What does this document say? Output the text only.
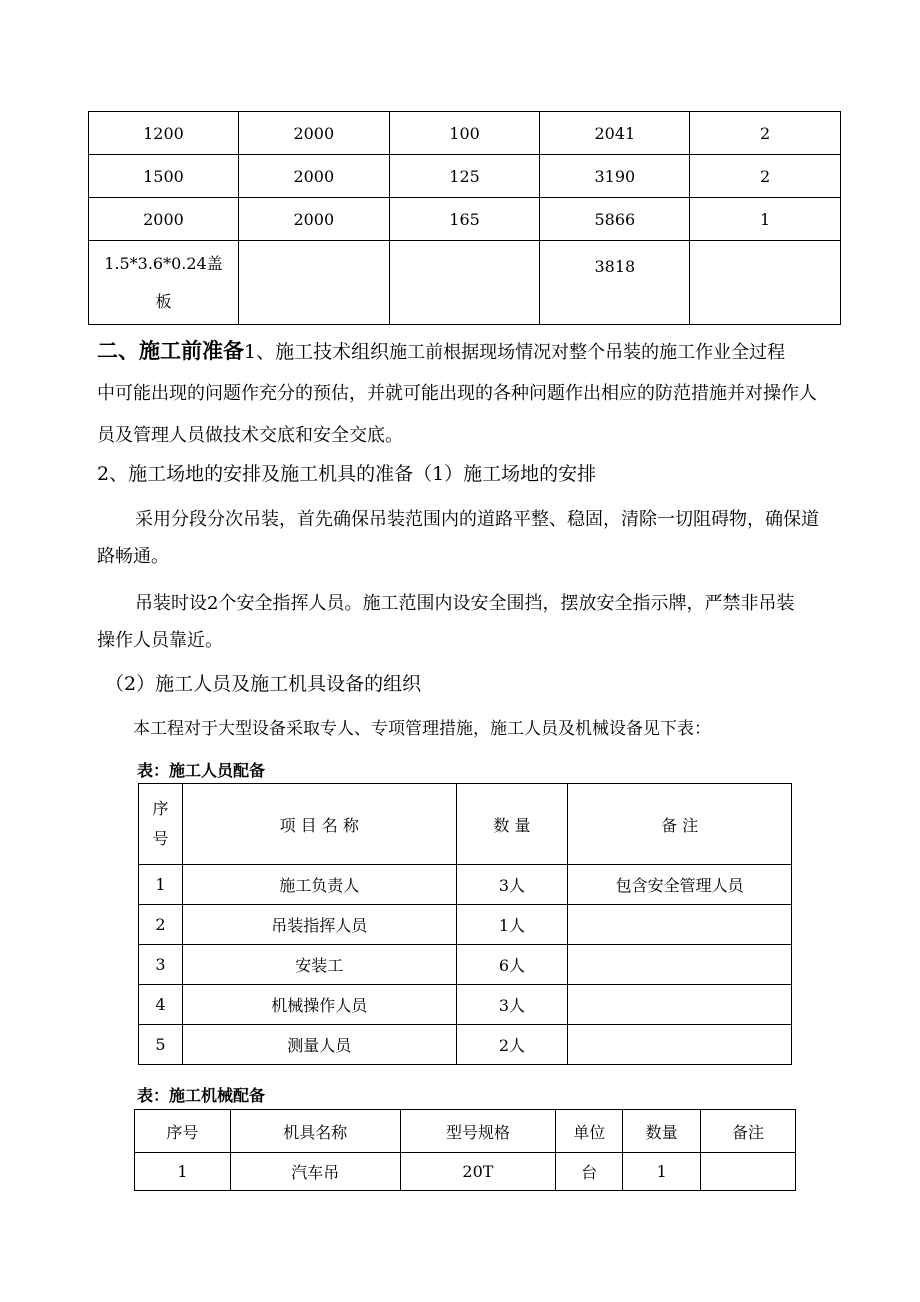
1200	2000	100	2041	2
1500	2000	125	3190	2
2000	2000	165	5866	1

1.5*3.6*0.24盖
板			3818	

二、施工前准备1、施工技术组织施工前根据现场情况对整个吊装的施工作业全过程

中可能出现的问题作充分的预估，并就可能出现的各种问题作出相应的防范措施并对操作人

员及管理人员做技术交底和安全交底。

2、施工场地的安排及施工机具的准备（1）施工场地的安排

采用分段分次吊装，首先确保吊装范围内的道路平整、稳固，清除一切阻碍物，确保道

路畅通。

吊装时设2个安全指挥人员。施工范围内设安全围挡，摆放安全指示牌，严禁非吊装

操作人员靠近。

（2）施工人员及施工机具设备的组织

本工程对于大型设备采取专人、专项管理措施，施工人员及机械设备见下表：

表：施工人员配备
序
号	项 目 名 称	数 量	备 注
1	施工负责人	3人	包含安全管理人员
2	吊装指挥人员	1人	
3	安装工	6人	
4	机械操作人员	3人	
5	测量人员	2人	
表：施工机械配备
序号	机具名称	型号规格	单位	数量	备注
1	汽车吊	20T	台	1	
